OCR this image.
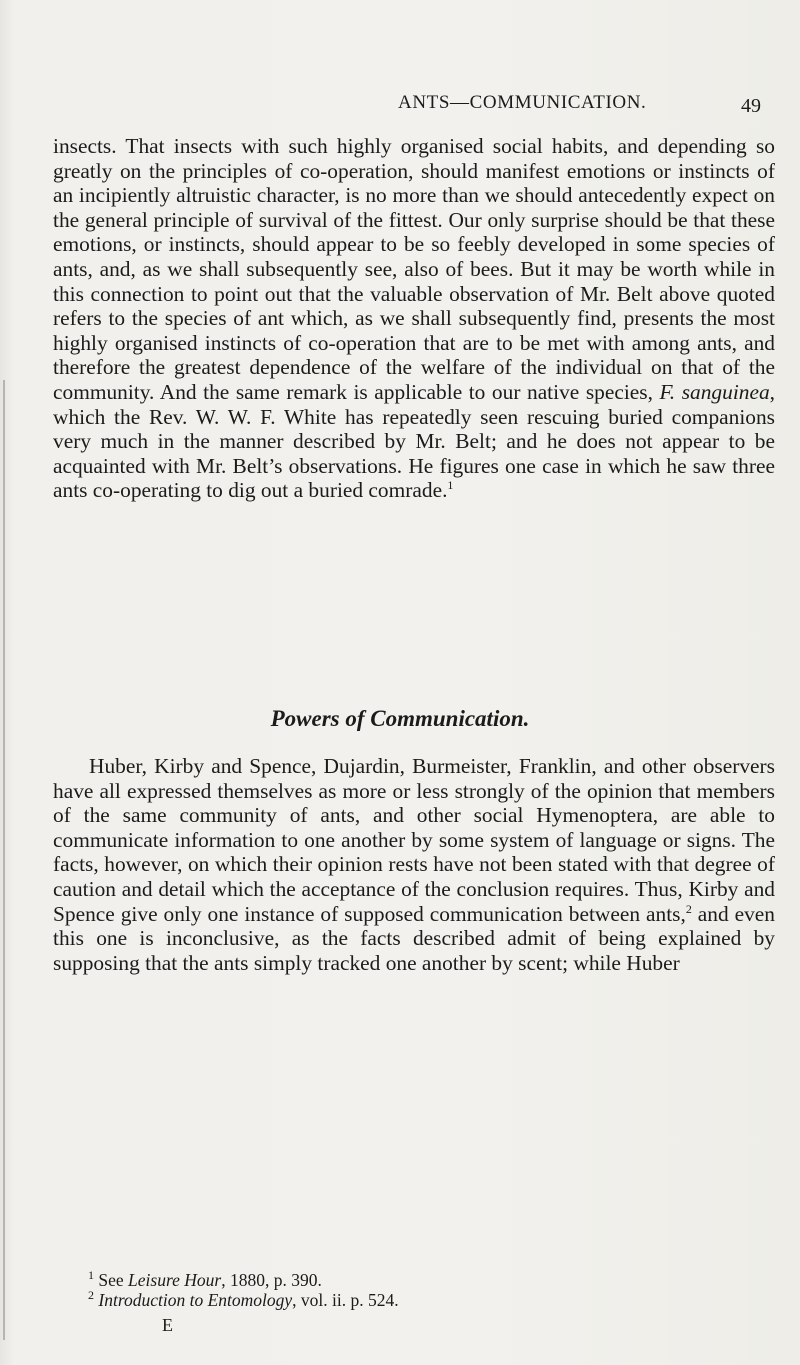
ANTS—COMMUNICATION.	49

insects. That insects with such highly organised social habits, and depending so greatly on the principles of co-operation, should manifest emotions or instincts of an incipiently altruistic character, is no more than we should antecedently expect on the general principle of survival of the fittest. Our only surprise should be that these emotions, or instincts, should appear to be so feebly developed in some species of ants, and, as we shall subsequently see, also of bees. But it may be worth while in this connection to point out that the valuable observation of Mr. Belt above quoted refers to the species of ant which, as we shall subsequently find, presents the most highly organised instincts of co-operation that are to be met with among ants, and therefore the greatest dependence of the welfare of the individual on that of the community. And the same remark is applicable to our native species, F. sanguinea, which the Rev. W. W. F. White has repeatedly seen rescuing buried companions very much in the manner described by Mr. Belt; and he does not appear to be acquainted with Mr. Belt’s observations. He figures one case in which he saw three ants co-operating to dig out a buried comrade.$^1$

Powers of Communication.

Huber, Kirby and Spence, Dujardin, Burmeister, Franklin, and other observers have all expressed themselves as more or less strongly of the opinion that members of the same community of ants, and other social Hymenoptera, are able to communicate information to one another by some system of language or signs. The facts, however, on which their opinion rests have not been stated with that degree of caution and detail which the acceptance of the conclusion requires. Thus, Kirby and Spence give only one instance of supposed communication between ants,$^2$ and even this one is inconclusive, as the facts described admit of being explained by supposing that the ants simply tracked one another by scent; while Huber

$^1$ See Leisure Hour, 1880, p. 390.

$^2$ Introduction to Entomology, vol. ii. p. 524.

E
